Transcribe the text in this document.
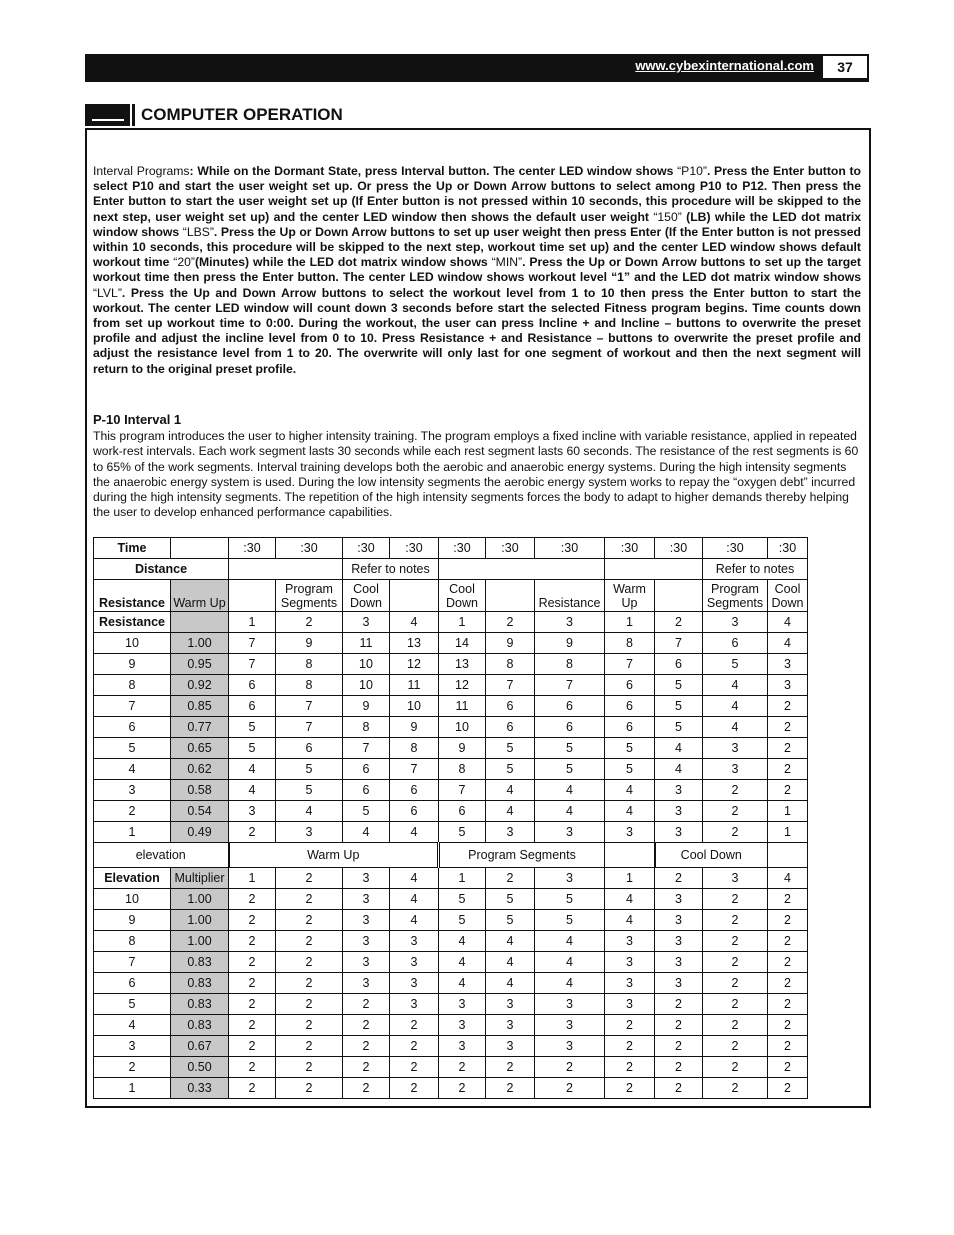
www.cybexinternational.com	37
COMPUTER OPERATION
Interval Programs: While on the Dormant State, press Interval button. The center LED window shows “P10”. Press the Enter button to select P10 and start the user weight set up. Or press the Up or Down Arrow buttons to select among P10 to P12. Then press the Enter button to start the user weight set up (If Enter button is not pressed within 10 seconds, this procedure will be skipped to the next step, user weight set up) and the center LED window then shows the default user weight “150” (LB) while the LED dot matrix window shows “LBS”. Press the Up or Down Arrow buttons to set up user weight then press Enter (If the Enter button is not pressed within 10 seconds, this procedure will be skipped to the next step, workout time set up) and the center LED window shows default workout time “20”(Minutes) while the LED dot matrix window shows “MIN”. Press the Up or Down Arrow buttons to set up the target workout time then press the Enter button. The center LED window shows workout level “1” and the LED dot matrix window shows “LVL”. Press the Up and Down Arrow buttons to select the workout level from 1 to 10 then press the Enter button to start the workout. The center LED window will count down 3 seconds before start the selected Fitness program begins. Time counts down from set up workout time to 0:00. During the workout, the user can press Incline + and Incline – buttons to overwrite the preset profile and adjust the incline level from 0 to 10. Press Resistance + and Resistance – buttons to overwrite the preset profile and adjust the resistance level from 1 to 20. The overwrite will only last for one segment of workout and then the next segment will return to the original preset profile.
P-10 Interval 1
This program introduces the user to higher intensity training. The program employs a fixed incline with variable resistance, applied in repeated work-rest intervals. Each work segment lasts 30 seconds while each rest segment lasts 60 seconds. The resistance of the rest segments is 60 to 65% of the work segments. Interval training develops both the aerobic and anaerobic energy systems. During the high intensity segments the anaerobic energy system is used. During the low intensity segments the aerobic energy system works to repay the “oxygen debt” incurred during the high intensity segments. The repetition of the high intensity segments forces the body to adapt to higher demands thereby helping the user to develop enhanced performance capabilities.
Time		:30	:30	:30	:30	:30	:30	:30	:30	:30	:30	:30
Distance				Refer to notes							Refer to notes	
Resistance	Warm Up		Program Segments	Cool Down		Cool Down		Resistance	Warm Up		Program Segments	Cool Down
Resistance		1	2	3	4	1	2	3	1	2	3	4
10	1.00	7	9	11	13	14	9	9	8	7	6	4
9	0.95	7	8	10	12	13	8	8	7	6	5	3
8	0.92	6	8	10	11	12	7	7	6	5	4	3
7	0.85	6	7	9	10	11	6	6	6	5	4	2
6	0.77	5	7	8	9	10	6	6	6	5	4	2
5	0.65	5	6	7	8	9	5	5	5	4	3	2
4	0.62	4	5	6	7	8	5	5	5	4	3	2
3	0.58	4	5	6	6	7	4	4	4	3	2	2
2	0.54	3	4	5	6	6	4	4	4	3	2	1
1	0.49	2	3	4	4	5	3	3	3	3	2	1
elevation		Warm Up				Program Segments				Cool Down		
Elevation	Multiplier	1	2	3	4	1	2	3	1	2	3	4
10	1.00	2	2	3	4	5	5	5	4	3	2	2
9	1.00	2	2	3	4	5	5	5	4	3	2	2
8	1.00	2	2	3	3	4	4	4	3	3	2	2
7	0.83	2	2	3	3	4	4	4	3	3	2	2
6	0.83	2	2	3	3	4	4	4	3	3	2	2
5	0.83	2	2	2	3	3	3	3	3	2	2	2
4	0.83	2	2	2	2	3	3	3	2	2	2	2
3	0.67	2	2	2	2	3	3	3	2	2	2	2
2	0.50	2	2	2	2	2	2	2	2	2	2	2
1	0.33	2	2	2	2	2	2	2	2	2	2	2
